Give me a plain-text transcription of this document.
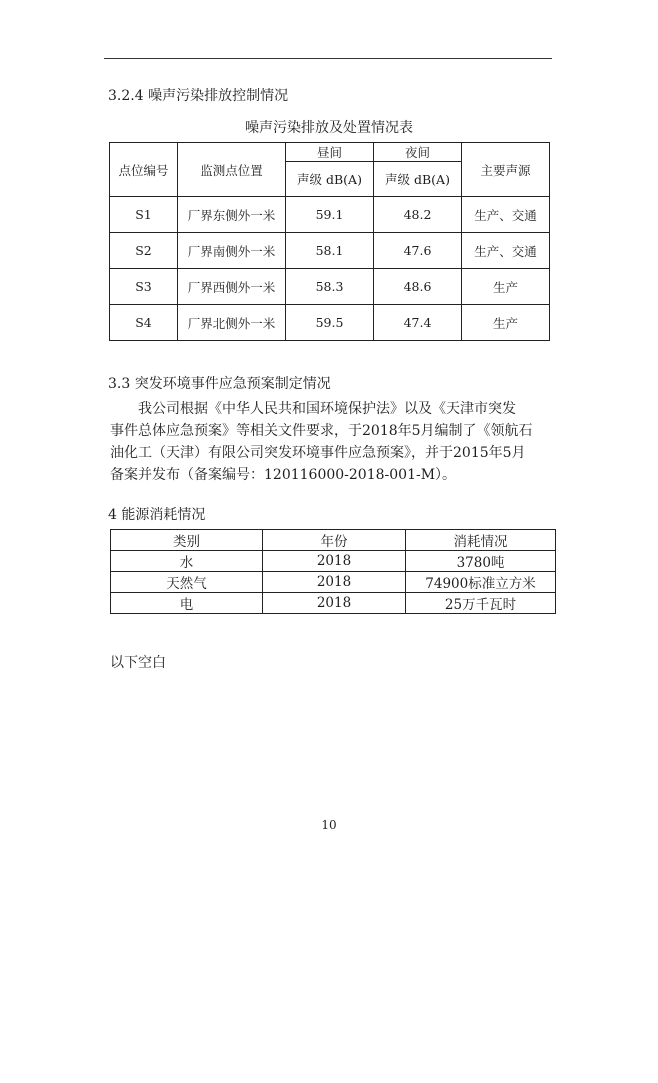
3.2.4 噪声污染排放控制情况
噪声污染排放及处置情况表
点位编号	监测点位置	昼间	夜间	主要声源
		声级 dB(A)	声级 dB(A)	
S1	厂界东侧外一米	59.1	48.2	生产、交通
S2	厂界南侧外一米	58.1	47.6	生产、交通
S3	厂界西侧外一米	58.3	48.6	生产
S4	厂界北侧外一米	59.5	47.4	生产
3.3 突发环境事件应急预案制定情况
我公司根据《中华人民共和国环境保护法》以及《天津市突发
事件总体应急预案》等相关文件要求，于2018年5月编制了《领航石
油化工（天津）有限公司突发环境事件应急预案》，并于2015年5月
备案并发布（备案编号：120116000-2018-001-M）。
4 能源消耗情况
类别	年份	消耗情况
水	2018	3780吨
天然气	2018	74900标准立方米
电	2018	25万千瓦时
以下空白
10
